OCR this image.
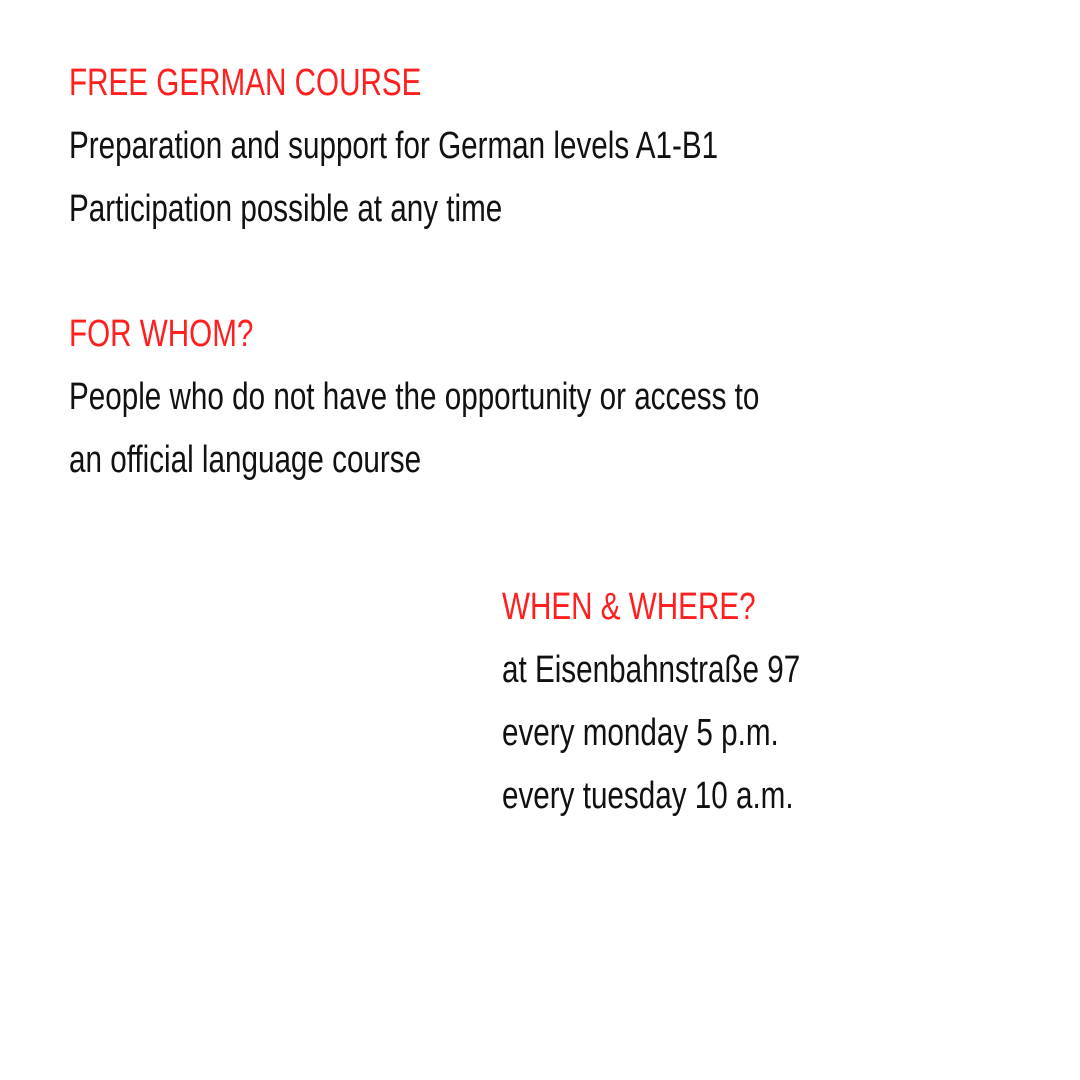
FREE GERMAN COURSE
Preparation and support for German levels A1-B1
Participation possible at any time
FOR WHOM?
People who do not have the opportunity or access to
an official language course
WHEN & WHERE?
at Eisenbahnstraße 97
every monday 5 p.m.
every tuesday 10 a.m.
